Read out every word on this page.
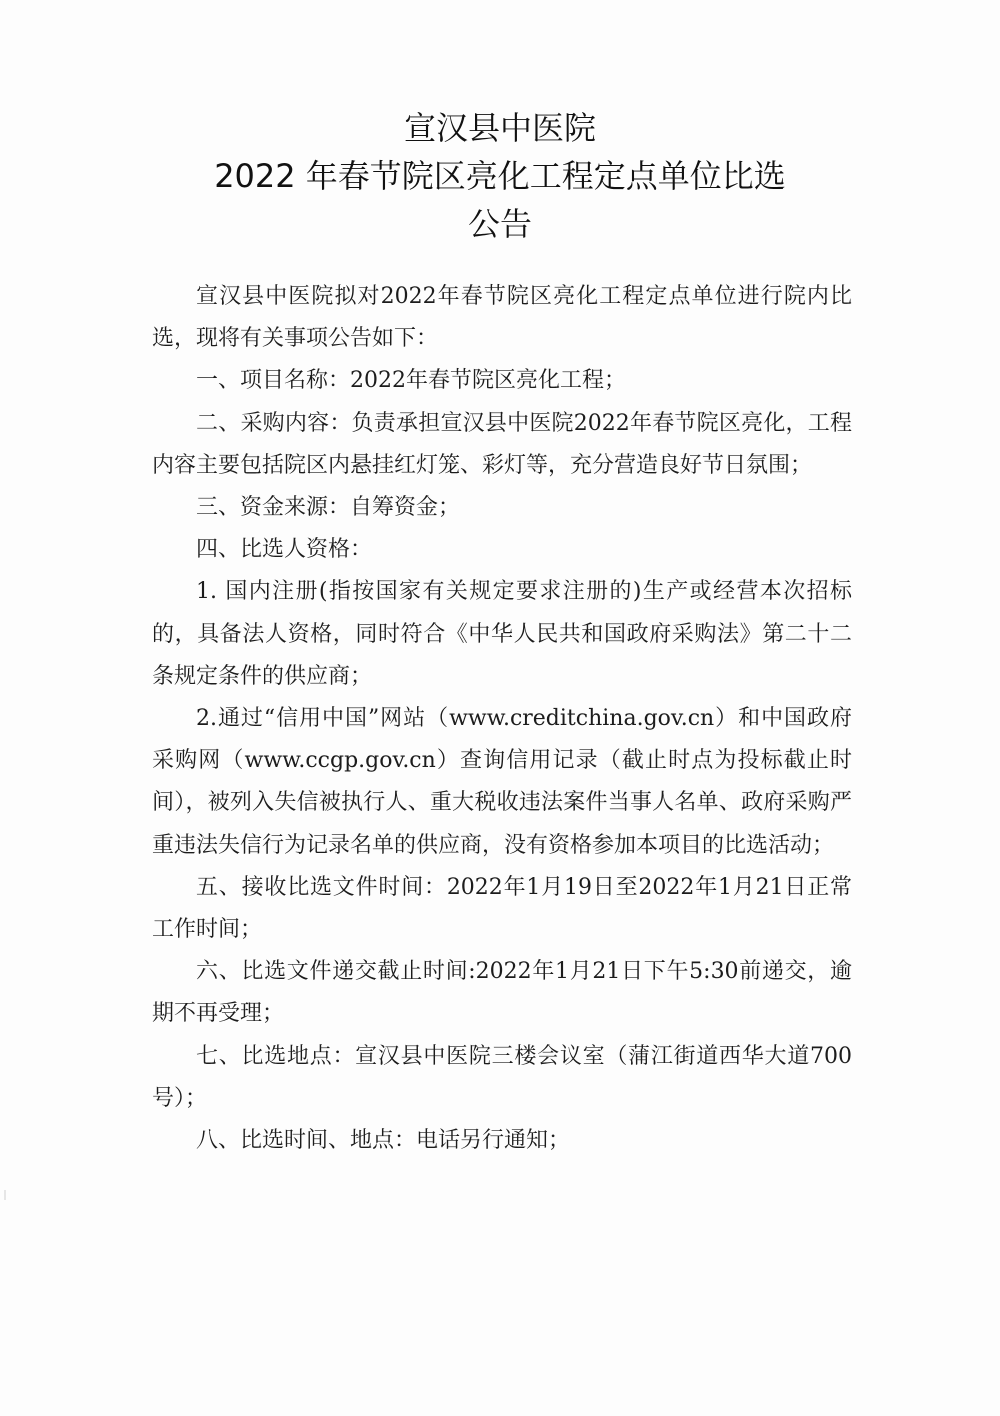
宣汉县中医院
2022 年春节院区亮化工程定点单位比选
公告

宣汉县中医院拟对2022年春节院区亮化工程定点单位进行院内比选，现将有关事项公告如下：

一、项目名称：2022年春节院区亮化工程；

二、采购内容：负责承担宣汉县中医院2022年春节院区亮化，工程内容主要包括院区内悬挂红灯笼、彩灯等，充分营造良好节日氛围；

三、资金来源：自筹资金；

四、比选人资格：

1. 国内注册(指按国家有关规定要求注册的)生产或经营本次招标的，具备法人资格，同时符合《中华人民共和国政府采购法》第二十二条规定条件的供应商；

2.通过“信用中国”网站（www.creditchina.gov.cn）和中国政府采购网（www.ccgp.gov.cn）查询信用记录（截止时点为投标截止时间），被列入失信被执行人、重大税收违法案件当事人名单、政府采购严重违法失信行为记录名单的供应商，没有资格参加本项目的比选活动；

五、接收比选文件时间：2022年1月19日至2022年1月21日正常工作时间；

六、比选文件递交截止时间:2022年1月21日下午5:30前递交，逾期不再受理；

七、比选地点：宣汉县中医院三楼会议室（蒲江街道西华大道700号）；

八、比选时间、地点：电话另行通知；
